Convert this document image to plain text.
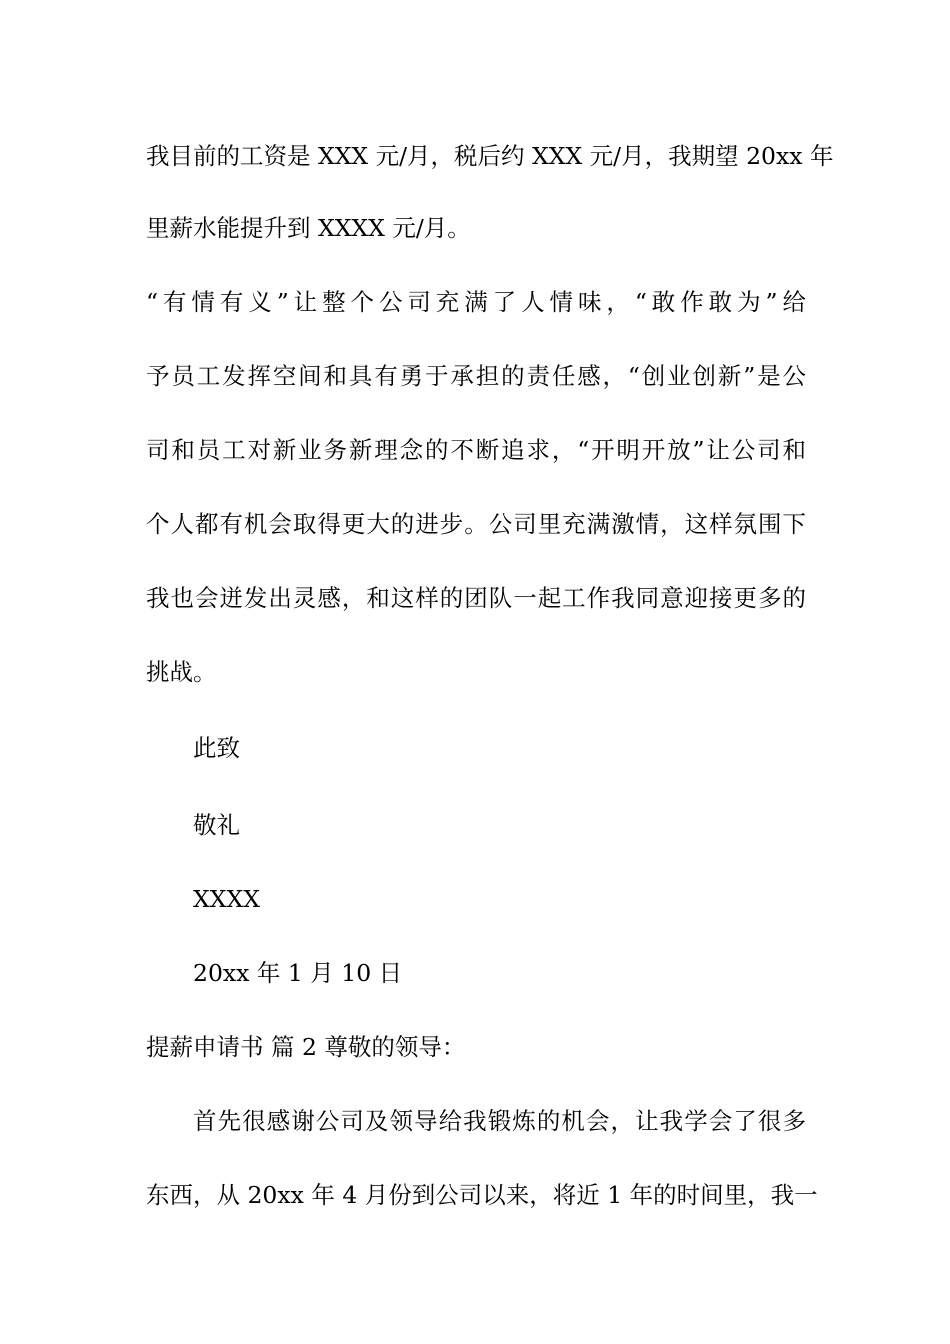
我目前的工资是 XXX 元/月，税后约 XXX 元/月，我期望 20xx 年
里薪水能提升到 XXXX 元/月。
“有情有义”让整个公司充满了人情味，“敢作敢为”给
予员工发挥空间和具有勇于承担的责任感，“创业创新”是公
司和员工对新业务新理念的不断追求，“开明开放”让公司和
个人都有机会取得更大的进步。公司里充满激情，这样氛围下
我也会迸发出灵感，和这样的团队一起工作我同意迎接更多的
挑战。
此致
敬礼
XXXX
20xx 年 1 月 10 日
提薪申请书 篇 2 尊敬的领导：
首先很感谢公司及领导给我锻炼的机会，让我学会了很多
东西，从 20xx 年 4 月份到公司以来，将近 1 年的时间里，我一
